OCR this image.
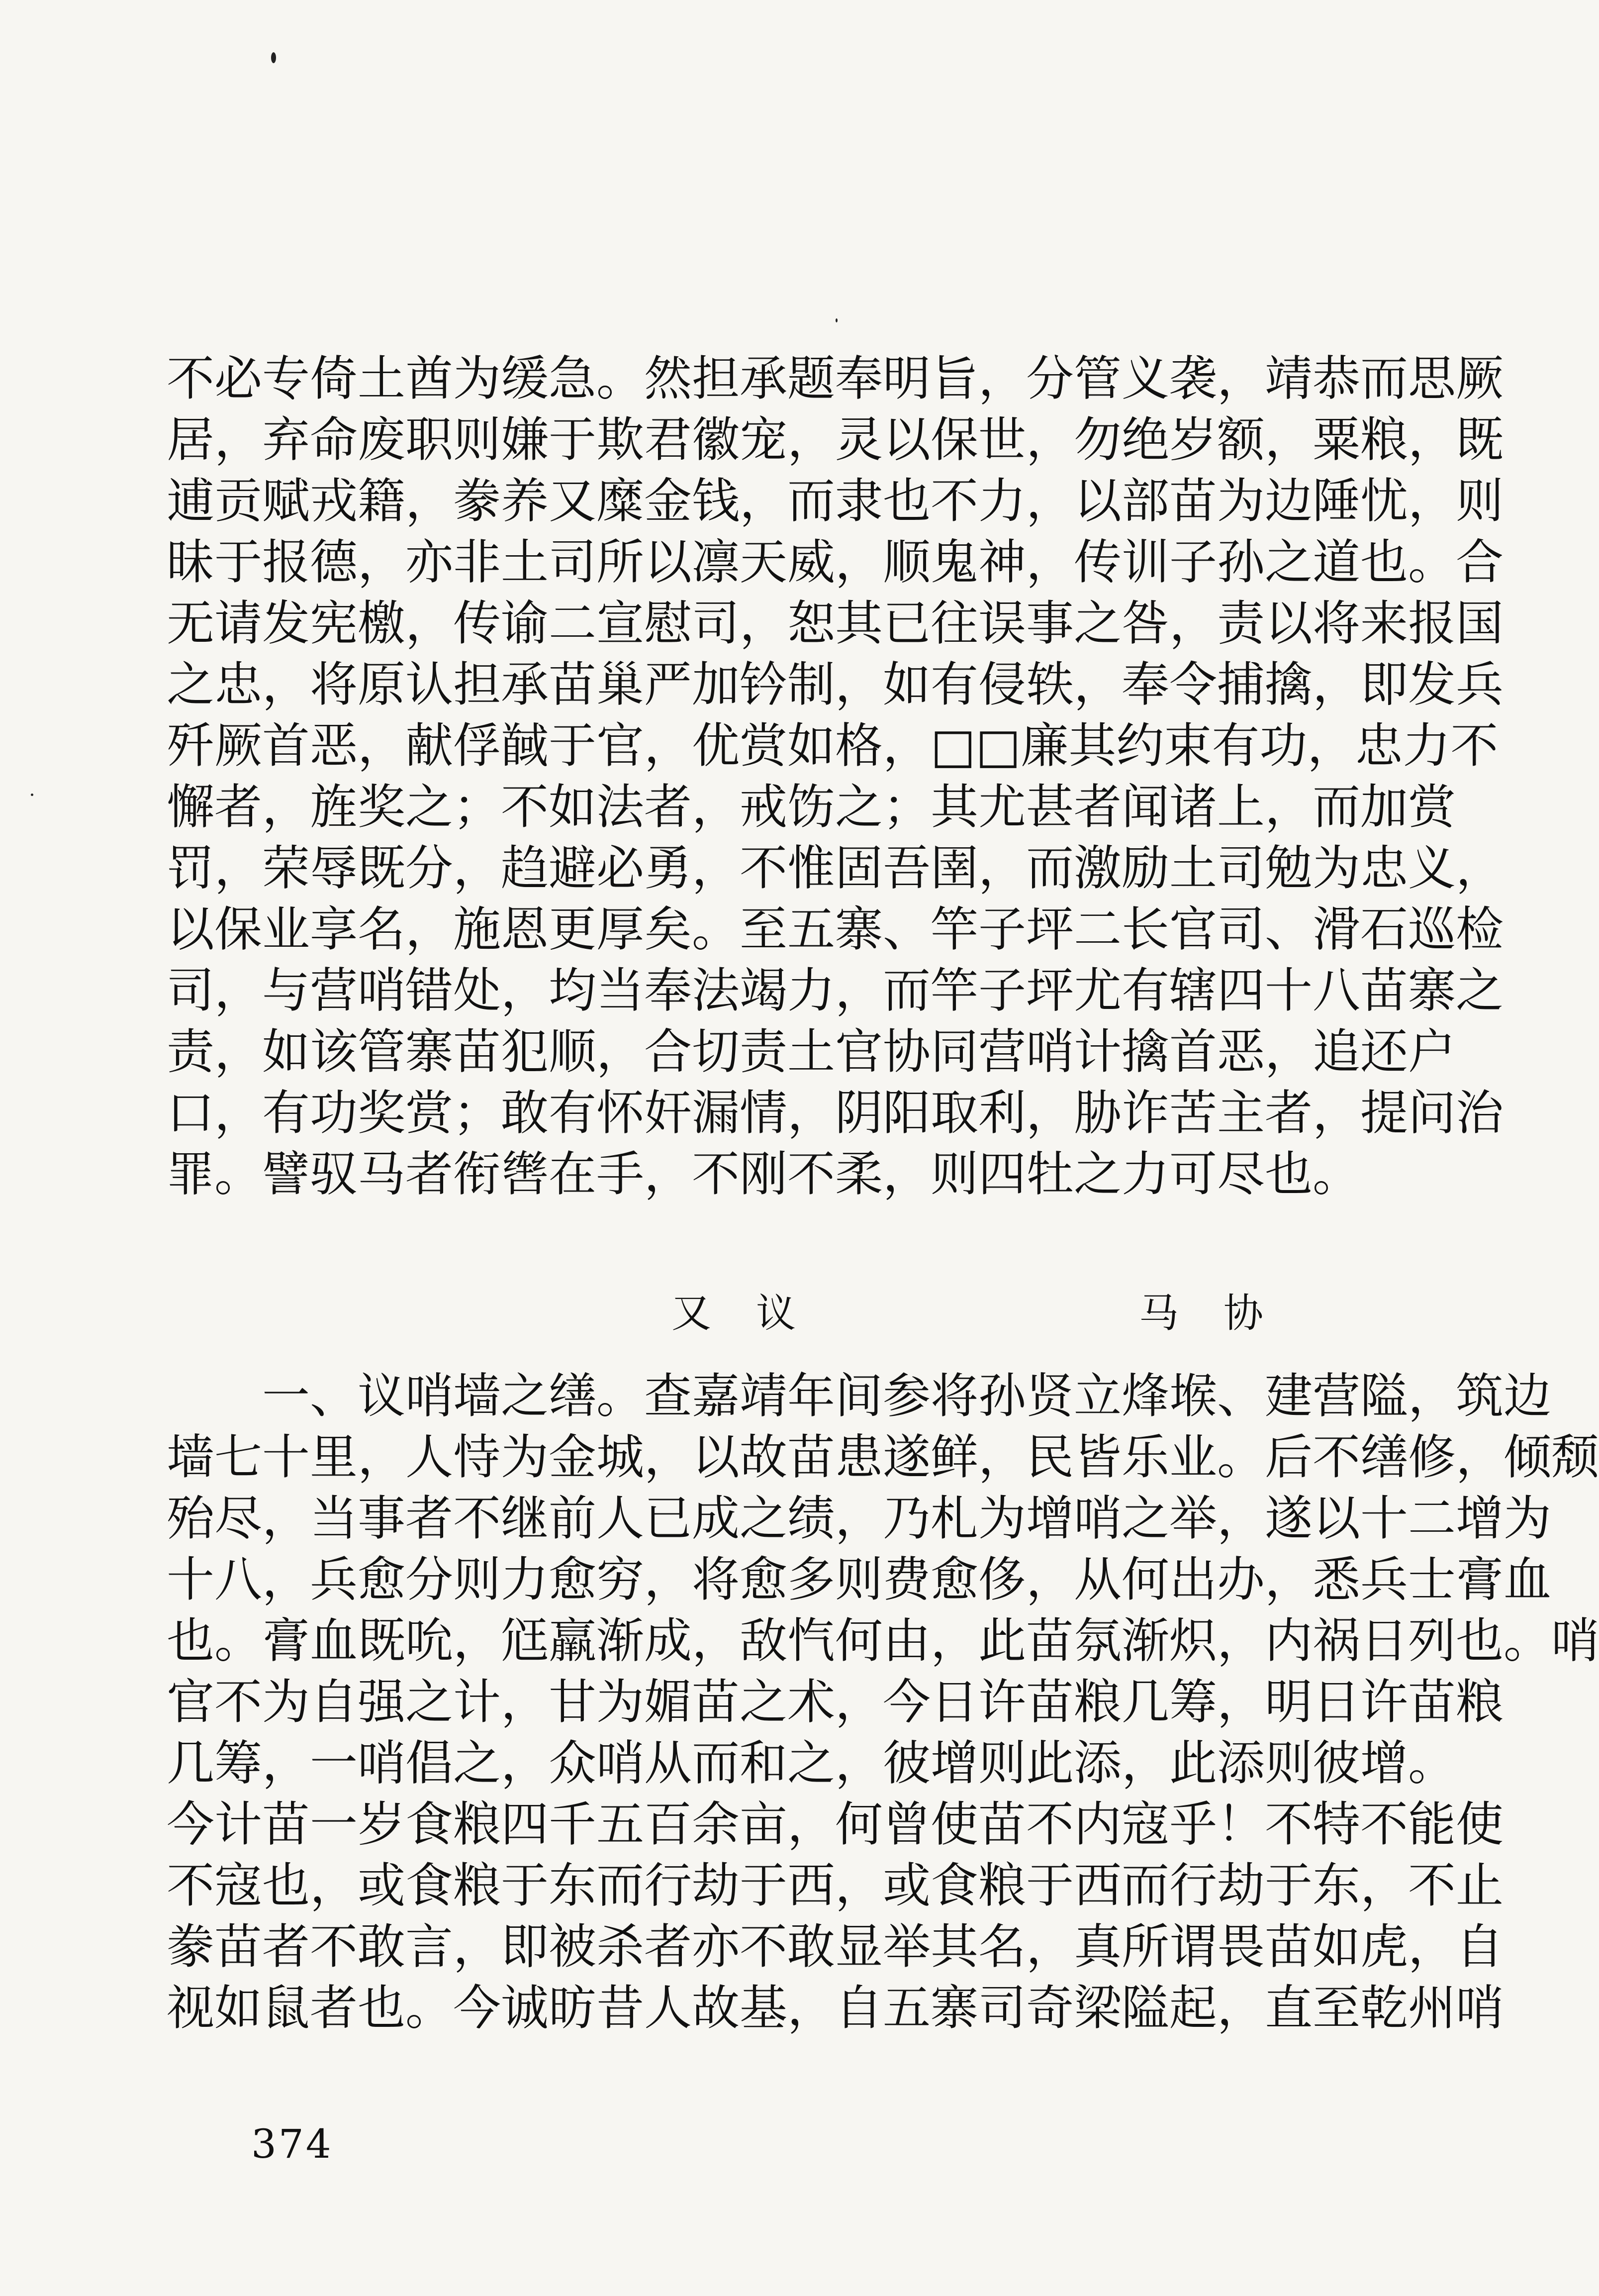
不必专倚土酋为缓急。然担承题奉明旨，分管义袭，靖恭而思厥
居，弃命废职则嫌于欺君徽宠，灵以保世，勿绝岁额，粟粮，既
逋贡赋戎籍，豢养又糜金钱，而隶也不力，以部苗为边陲忧，则
昧于报德，亦非土司所以凛天威，顺鬼神，传训子孙之道也。合
无请发宪檄，传谕二宣慰司，恕其已往误事之咎，责以将来报国
之忠，将原认担承苗巢严加钤制，如有侵轶，奉令捕擒，即发兵
歼厥首恶，献俘馘于官，优赏如格，□□廉其约束有功，忠力不
懈者，旌奖之；不如法者，戒饬之；其尤甚者闻诸上，而加赏
罚，荣辱既分，趋避必勇，不惟固吾圉，而激励土司勉为忠义，
以保业享名，施恩更厚矣。至五寨、竿子坪二长官司、滑石巡检
司，与营哨错处，均当奉法竭力，而竿子坪尤有辖四十八苗寨之
责，如该管寨苗犯顺，合切责土官协同营哨计擒首恶，追还户
口，有功奖赏；敢有怀奸漏情，阴阳取利，胁诈苦主者，提问治
罪。譬驭马者衔辔在手，不刚不柔，则四牡之力可尽也。
又议	马协
　　一、议哨墙之缮。查嘉靖年间参将孙贤立烽堠、建营隘，筑边
墙七十里，人恃为金城，以故苗患遂鲜，民皆乐业。后不缮修，倾颓
殆尽，当事者不继前人已成之绩，乃札为增哨之举，遂以十二增为
十八，兵愈分则力愈穷，将愈多则费愈侈，从何出办，悉兵士膏血
也。膏血既吮，尩羸渐成，敌忾何由，此苗氛渐炽，内祸日列也。哨
官不为自强之计，甘为媚苗之术，今日许苗粮几筹，明日许苗粮
几筹，一哨倡之，众哨从而和之，彼增则此添，此添则彼增。
今计苗一岁食粮四千五百余亩，何曾使苗不内寇乎！不特不能使
不寇也，或食粮于东而行劫于西，或食粮于西而行劫于东，不止
豢苗者不敢言，即被杀者亦不敢显举其名，真所谓畏苗如虎，自
视如鼠者也。今诚昉昔人故基，自五寨司奇梁隘起，直至乾州哨
374
